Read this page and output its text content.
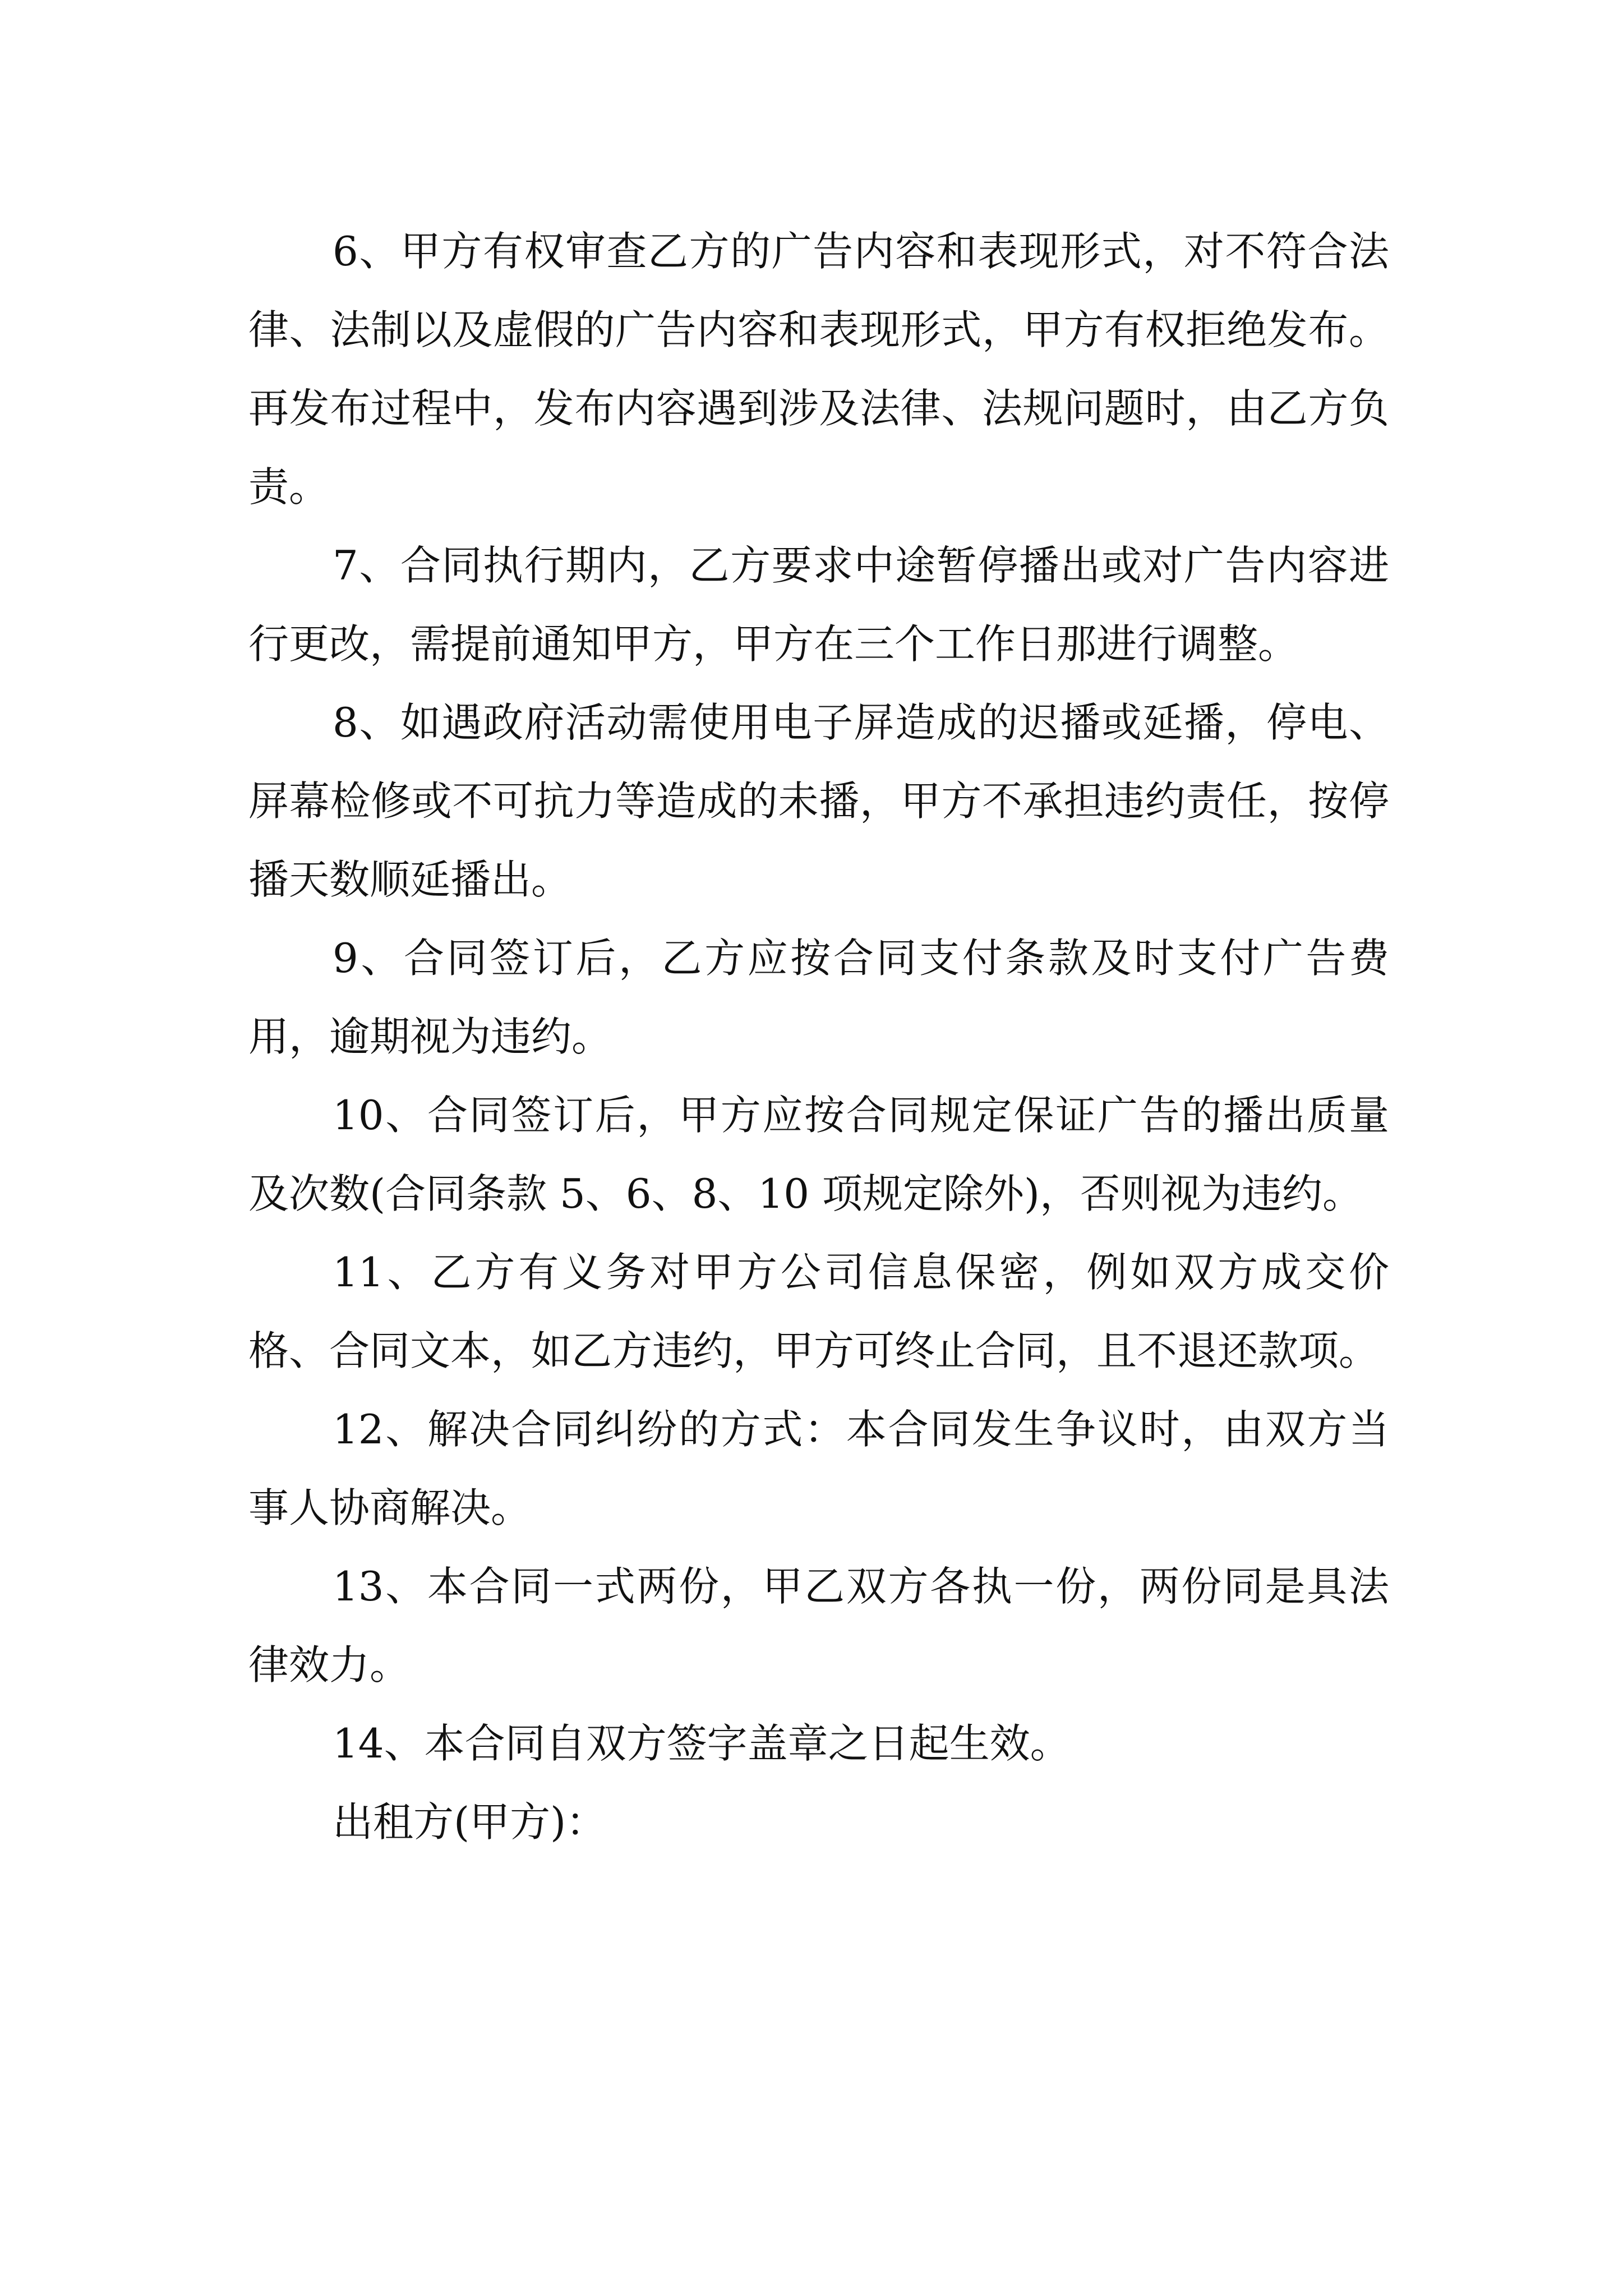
6、甲方有权审查乙方的广告内容和表现形式，对不符合法律、法制以及虚假的广告内容和表现形式，甲方有权拒绝发布。再发布过程中，发布内容遇到涉及法律、法规问题时，由乙方负责。

7、合同执行期内，乙方要求中途暂停播出或对广告内容进行更改，需提前通知甲方，甲方在三个工作日那进行调整。

8、如遇政府活动需使用电子屏造成的迟播或延播，停电、屏幕检修或不可抗力等造成的未播，甲方不承担违约责任，按停播天数顺延播出。

9、合同签订后，乙方应按合同支付条款及时支付广告费用，逾期视为违约。

10、合同签订后，甲方应按合同规定保证广告的播出质量及次数(合同条款 5、6、8、10 项规定除外)，否则视为违约。

11、乙方有义务对甲方公司信息保密，例如双方成交价格、合同文本，如乙方违约，甲方可终止合同，且不退还款项。

12、解决合同纠纷的方式：本合同发生争议时，由双方当事人协商解决。

13、本合同一式两份，甲乙双方各执一份，两份同是具法律效力。

14、本合同自双方签字盖章之日起生效。

出租方(甲方)：
